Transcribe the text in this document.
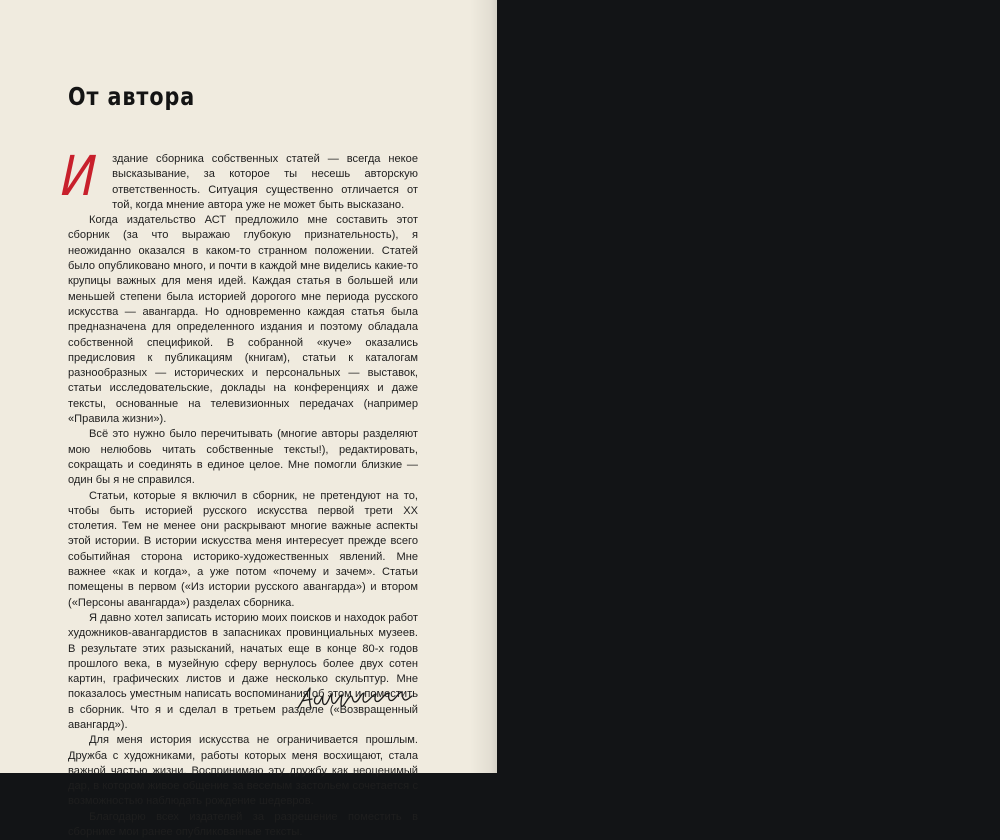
От автора

Издание сборника собственных статей — всегда некое высказывание, за которое ты несешь авторскую ответственность. Ситуация существенно отличается от той, когда мнение автора уже не может быть высказано.

Когда издательство АСТ предложило мне составить этот сборник (за что выражаю глубокую признательность), я неожиданно оказался в каком-то странном положении. Статей было опубликовано много, и почти в каждой мне виделись какие-то крупицы важных для меня идей. Каждая статья в большей или меньшей степени была историей дорогого мне периода русского искусства — авангарда. Но одновременно каждая статья была предназначена для определенного издания и поэтому обладала собственной спецификой. В собранной «куче» оказались предисловия к публикациям (книгам), статьи к каталогам разнообразных — исторических и персональных — выставок, статьи исследовательские, доклады на конференциях и даже тексты, основанные на телевизионных передачах (например «Правила жизни»).

Всё это нужно было перечитывать (многие авторы разделяют мою нелюбовь читать собственные тексты!), редактировать, сокращать и соединять в единое целое. Мне помогли близкие — один бы я не справился.

Статьи, которые я включил в сборник, не претендуют на то, чтобы быть историей русского искусства первой трети XX столетия. Тем не менее они раскрывают многие важные аспекты этой истории. В истории искусства меня интересует прежде всего событийная сторона историко-художественных явлений. Мне важнее «как и когда», а уже потом «почему и зачем». Статьи помещены в первом («Из истории русского авангарда») и втором («Персоны авангарда») разделах сборника.

Я давно хотел записать историю моих поисков и находок работ художников-авангардистов в запасниках провинциальных музеев. В результате этих разысканий, начатых еще в конце 80-х годов прошлого века, в музейную сферу вернулось более двух сотен картин, графических листов и даже несколько скульптур. Мне показалось уместным написать воспоминания об этом и поместить в сборник. Что я и сделал в третьем разделе («Возвращенный авангард»).

Для меня история искусства не ограничивается прошлым. Дружба с художниками, работы которых меня восхищают, стала важной частью жизни. Воспринимаю эту дружбу как неоценимый дар, в котором живое общение за веселым застольем сочетается с возможностью наблюдать рождение шедевров.

Благодарю всех издателей за разрешение поместить в сборнике мои ранее опубликованные тексты.
